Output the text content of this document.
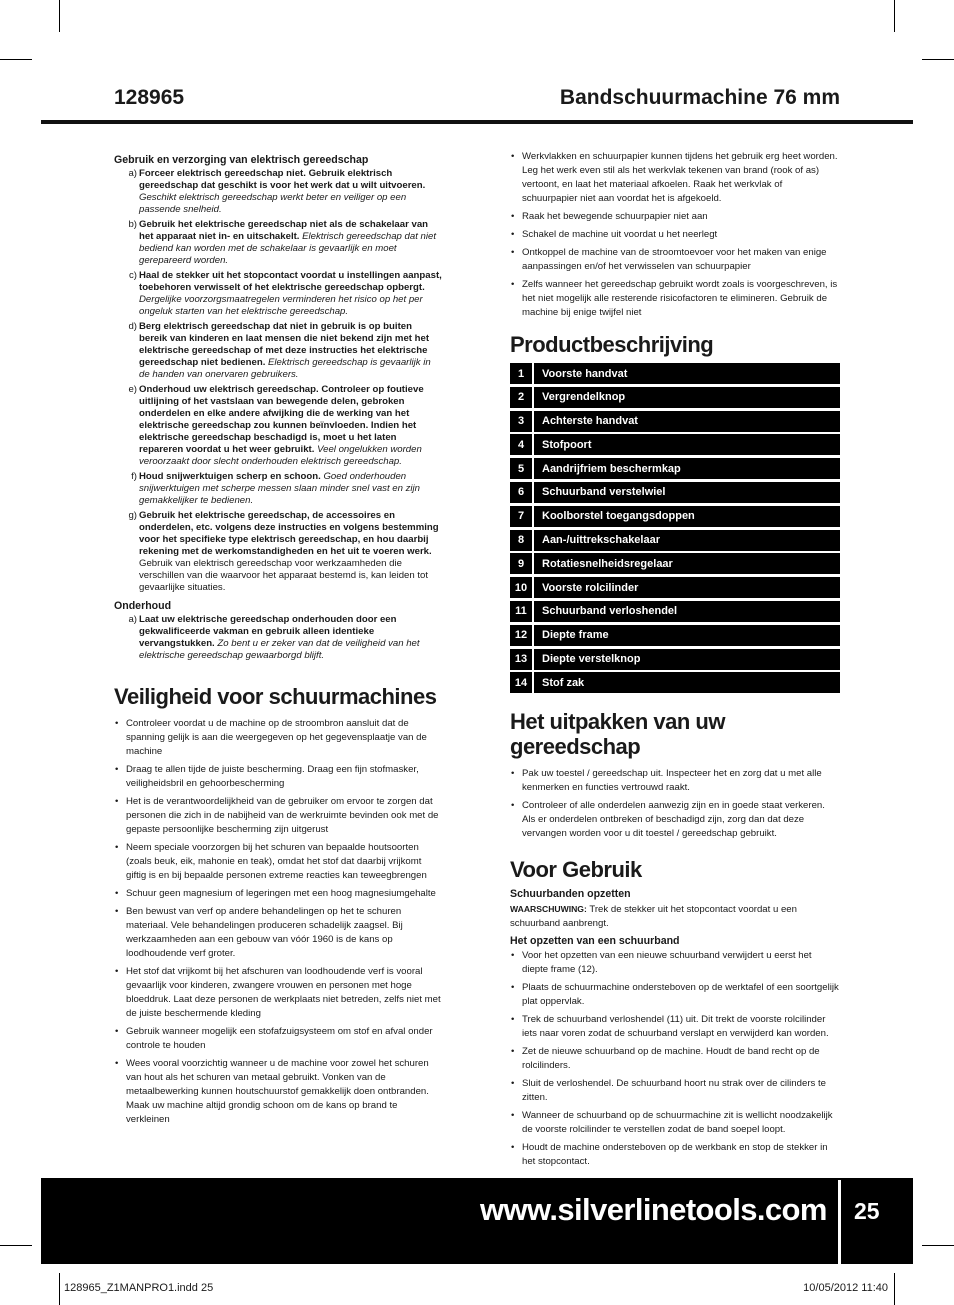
128965	Bandschuurmachine 76 mm
Gebruik en verzorging van elektrisch gereedschap
a) Forceer elektrisch gereedschap niet. Gebruik elektrisch gereedschap dat geschikt is voor het werk dat u wilt uitvoeren. Geschikt elektrisch gereedschap werkt beter en veiliger op een passende snelheid.
b) Gebruik het elektrische gereedschap niet als de schakelaar van het apparaat niet in- en uitschakelt. Elektrisch gereedschap dat niet bediend kan worden met de schakelaar is gevaarlijk en moet gerepareerd worden.
c) Haal de stekker uit het stopcontact voordat u instellingen aanpast, toebehoren verwisselt of het elektrische gereedschap opbergt. Dergelijke voorzorgsmaatregelen verminderen het risico op het per ongeluk starten van het elektrische gereedschap.
d) Berg elektrisch gereedschap dat niet in gebruik is op buiten bereik van kinderen en laat mensen die niet bekend zijn met het elektrische gereedschap of met deze instructies het elektrische gereedschap niet bedienen. Elektrisch gereedschap is gevaarlijk in de handen van onervaren gebruikers.
e) Onderhoud uw elektrisch gereedschap. Controleer op foutieve uitlijning of het vastslaan van bewegende delen, gebroken onderdelen en elke andere afwijking die de werking van het elektrische gereedschap zou kunnen beïnvloeden. Indien het elektrische gereedschap beschadigd is, moet u het laten repareren voordat u het weer gebruikt. Veel ongelukken worden veroorzaakt door slecht onderhouden elektrisch gereedschap.
f) Houd snijwerktuigen scherp en schoon. Goed onderhouden snijwerktuigen met scherpe messen slaan minder snel vast en zijn gemakkelijker te bedienen.
g) Gebruik het elektrische gereedschap, de accessoires en onderdelen, etc. volgens deze instructies en volgens bestemming voor het specifieke type elektrisch gereedschap, en hou daarbij rekening met de werkomstandigheden en het uit te voeren werk. Gebruik van elektrisch gereedschap voor werkzaamheden die verschillen van die waarvoor het apparaat bestemd is, kan leiden tot gevaarlijke situaties.
Onderhoud
a) Laat uw elektrische gereedschap onderhouden door een gekwalificeerde vakman en gebruik alleen identieke vervangstukken. Zo bent u er zeker van dat de veiligheid van het elektrische gereedschap gewaarborgd blijft.
Veiligheid voor schuurmachines
• Controleer voordat u de machine op de stroombron aansluit dat de spanning gelijk is aan die weergegeven op het gegevensplaatje van de machine
• Draag te allen tijde de juiste bescherming. Draag een fijn stofmasker, veiligheidsbril en gehoorbescherming
• Het is de verantwoordelijkheid van de gebruiker om ervoor te zorgen dat personen die zich in de nabijheid van de werkruimte bevinden ook met de gepaste persoonlijke bescherming zijn uitgerust
• Neem speciale voorzorgen bij het schuren van bepaalde houtsoorten (zoals beuk, eik, mahonie en teak), omdat het stof dat daarbij vrijkomt giftig is en bij bepaalde personen extreme reacties kan teweegbrengen
• Schuur geen magnesium of legeringen met een hoog magnesiumgehalte
• Ben bewust van verf op andere behandelingen op het te schuren materiaal. Vele behandelingen produceren schadelijk zaagsel. Bij werkzaamheden aan een gebouw van vóór 1960 is de kans op loodhoudende verf groter.
• Het stof dat vrijkomt bij het afschuren van loodhoudende verf is vooral gevaarlijk voor kinderen, zwangere vrouwen en personen met hoge bloeddruk. Laat deze personen de werkplaats niet betreden, zelfs niet met de juiste beschermende kleding
• Gebruik wanneer mogelijk een stofafzuigsysteem om stof en afval onder controle te houden
• Wees vooral voorzichtig wanneer u de machine voor zowel het schuren van hout als het schuren van metaal gebruikt. Vonken van de metaalbewerking kunnen houtschuurstof gemakkelijk doen ontbranden. Maak uw machine altijd grondig schoon om de kans op brand te verkleinen
• Werkvlakken en schuurpapier kunnen tijdens het gebruik erg heet worden. Leg het werk even stil als het werkvlak tekenen van brand (rook of as) vertoont, en laat het materiaal afkoelen. Raak het werkvlak of schuurpapier niet aan voordat het is afgekoeld.
• Raak het bewegende schuurpapier niet aan
• Schakel de machine uit voordat u het neerlegt
• Ontkoppel de machine van de stroomtoevoer voor het maken van enige aanpassingen en/of het verwisselen van schuurpapier
• Zelfs wanneer het gereedschap gebruikt wordt zoals is voorgeschreven, is het niet mogelijk alle resterende risicofactoren te elimineren. Gebruik de machine bij enige twijfel niet
Productbeschrijving
1	Voorste handvat
2	Vergrendelknop
3	Achterste handvat
4	Stofpoort
5	Aandrijfriem beschermkap
6	Schuurband verstelwiel
7	Koolborstel toegangsdoppen
8	Aan-/uittrekschakelaar
9	Rotatiesnelheidsregelaar
10	Voorste rolcilinder
11	Schuurband verloshendel
12	Diepte frame
13	Diepte verstelknop
14	Stof zak
Het uitpakken van uw gereedschap
• Pak uw toestel / gereedschap uit. Inspecteer het en zorg dat u met alle kenmerken en functies vertrouwd raakt.
• Controleer of alle onderdelen aanwezig zijn en in goede staat verkeren. Als er onderdelen ontbreken of beschadigd zijn, zorg dan dat deze vervangen worden voor u dit toestel / gereedschap gebruikt.
Voor Gebruik
Schuurbanden opzetten

WAARSCHUWING: Trek de stekker uit het stopcontact voordat u een schuurband aanbrengt.

Het opzetten van een schuurband
• Voor het opzetten van een nieuwe schuurband verwijdert u eerst het diepte frame (12).
• Plaats de schuurmachine ondersteboven op de werktafel of een soortgelijk plat oppervlak.
• Trek de schuurband verloshendel (11) uit. Dit trekt de voorste rolcilinder iets naar voren zodat de schuurband verslapt en verwijderd kan worden.
• Zet de nieuwe schuurband op de machine. Houdt de band recht op de rolcilinders.
• Sluit de verloshendel. De schuurband hoort nu strak over de cilinders te zitten.
• Wanneer de schuurband op de schuurmachine zit is wellicht noodzakelijk de voorste rolcilinder te verstellen zodat de band soepel loopt.
• Houdt de machine ondersteboven op de werkbank en stop de stekker in het stopcontact.
www.silverlinetools.com 25
128965_Z1MANPRO1.indd 25	10/05/2012 11:40
